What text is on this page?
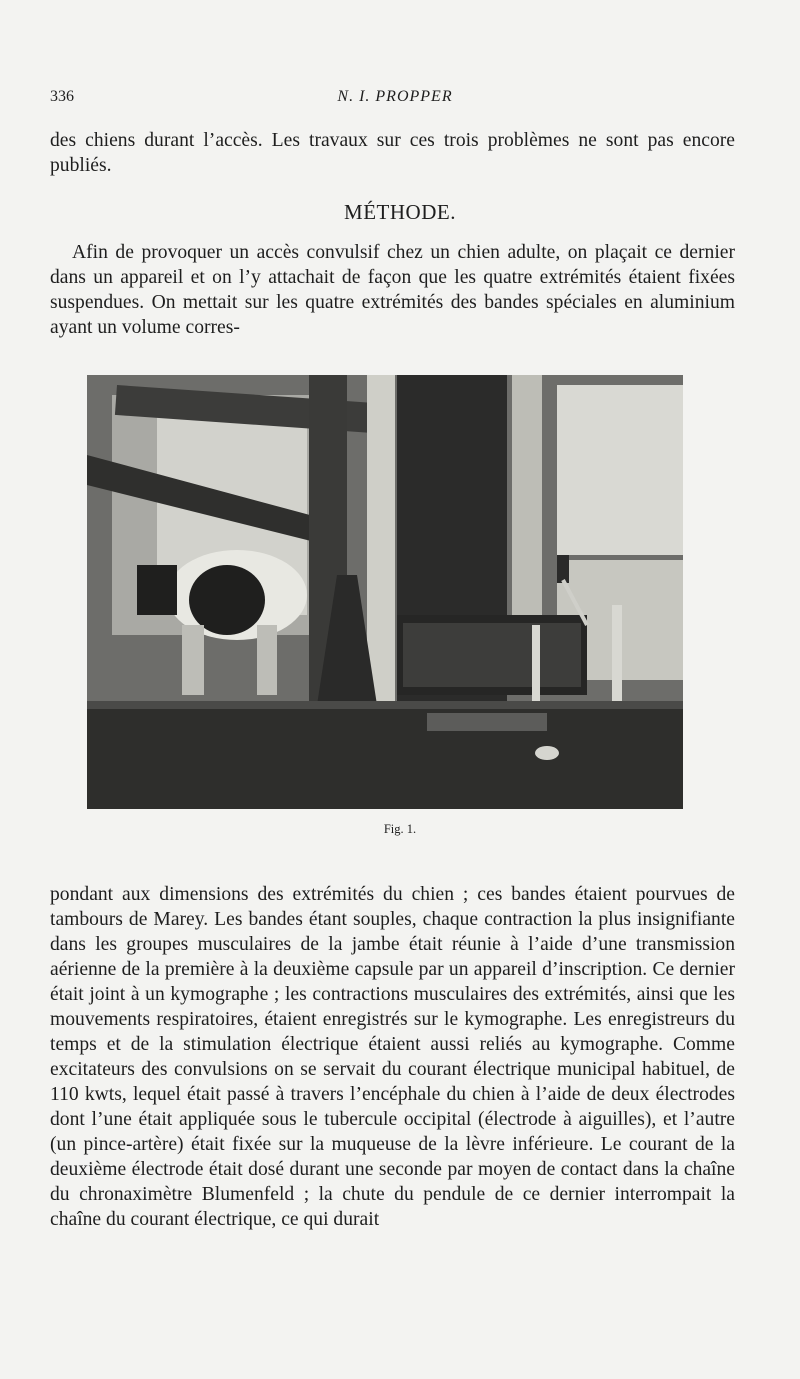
336	N. I. PROPPER

des chiens durant l’accès. Les travaux sur ces trois problèmes ne sont pas encore publiés.

MÉTHODE.

Afin de provoquer un accès convulsif chez un chien adulte, on plaçait ce dernier dans un appareil et on l’y attachait de façon que les quatre extrémités étaient fixées suspendues. On mettait sur les quatre extrémités des bandes spéciales en aluminium ayant un volume corres-

Fig. 1.

pondant aux dimensions des extrémités du chien ; ces bandes étaient pourvues de tambours de Marey. Les bandes étant souples, chaque contraction la plus insignifiante dans les groupes musculaires de la jambe était réunie à l’aide d’une transmission aérienne de la première à la deuxième capsule par un appareil d’inscription. Ce dernier était joint à un kymographe ; les contractions musculaires des extrémités, ainsi que les mouvements respiratoires, étaient enregistrés sur le kymographe. Les enregistreurs du temps et de la stimulation électrique étaient aussi reliés au kymographe. Comme excitateurs des convulsions on se servait du courant électrique municipal habituel, de 110 kwts, lequel était passé à travers l’encéphale du chien à l’aide de deux électrodes dont l’une était appliquée sous le tubercule occipital (électrode à aiguilles), et l’autre (un pince-artère) était fixée sur la muqueuse de la lèvre inférieure. Le courant de la deuxième électrode était dosé durant une seconde par moyen de contact dans la chaîne du chronaximètre Blumenfeld ; la chute du pendule de ce dernier interrompait la chaîne du courant électrique, ce qui durait
